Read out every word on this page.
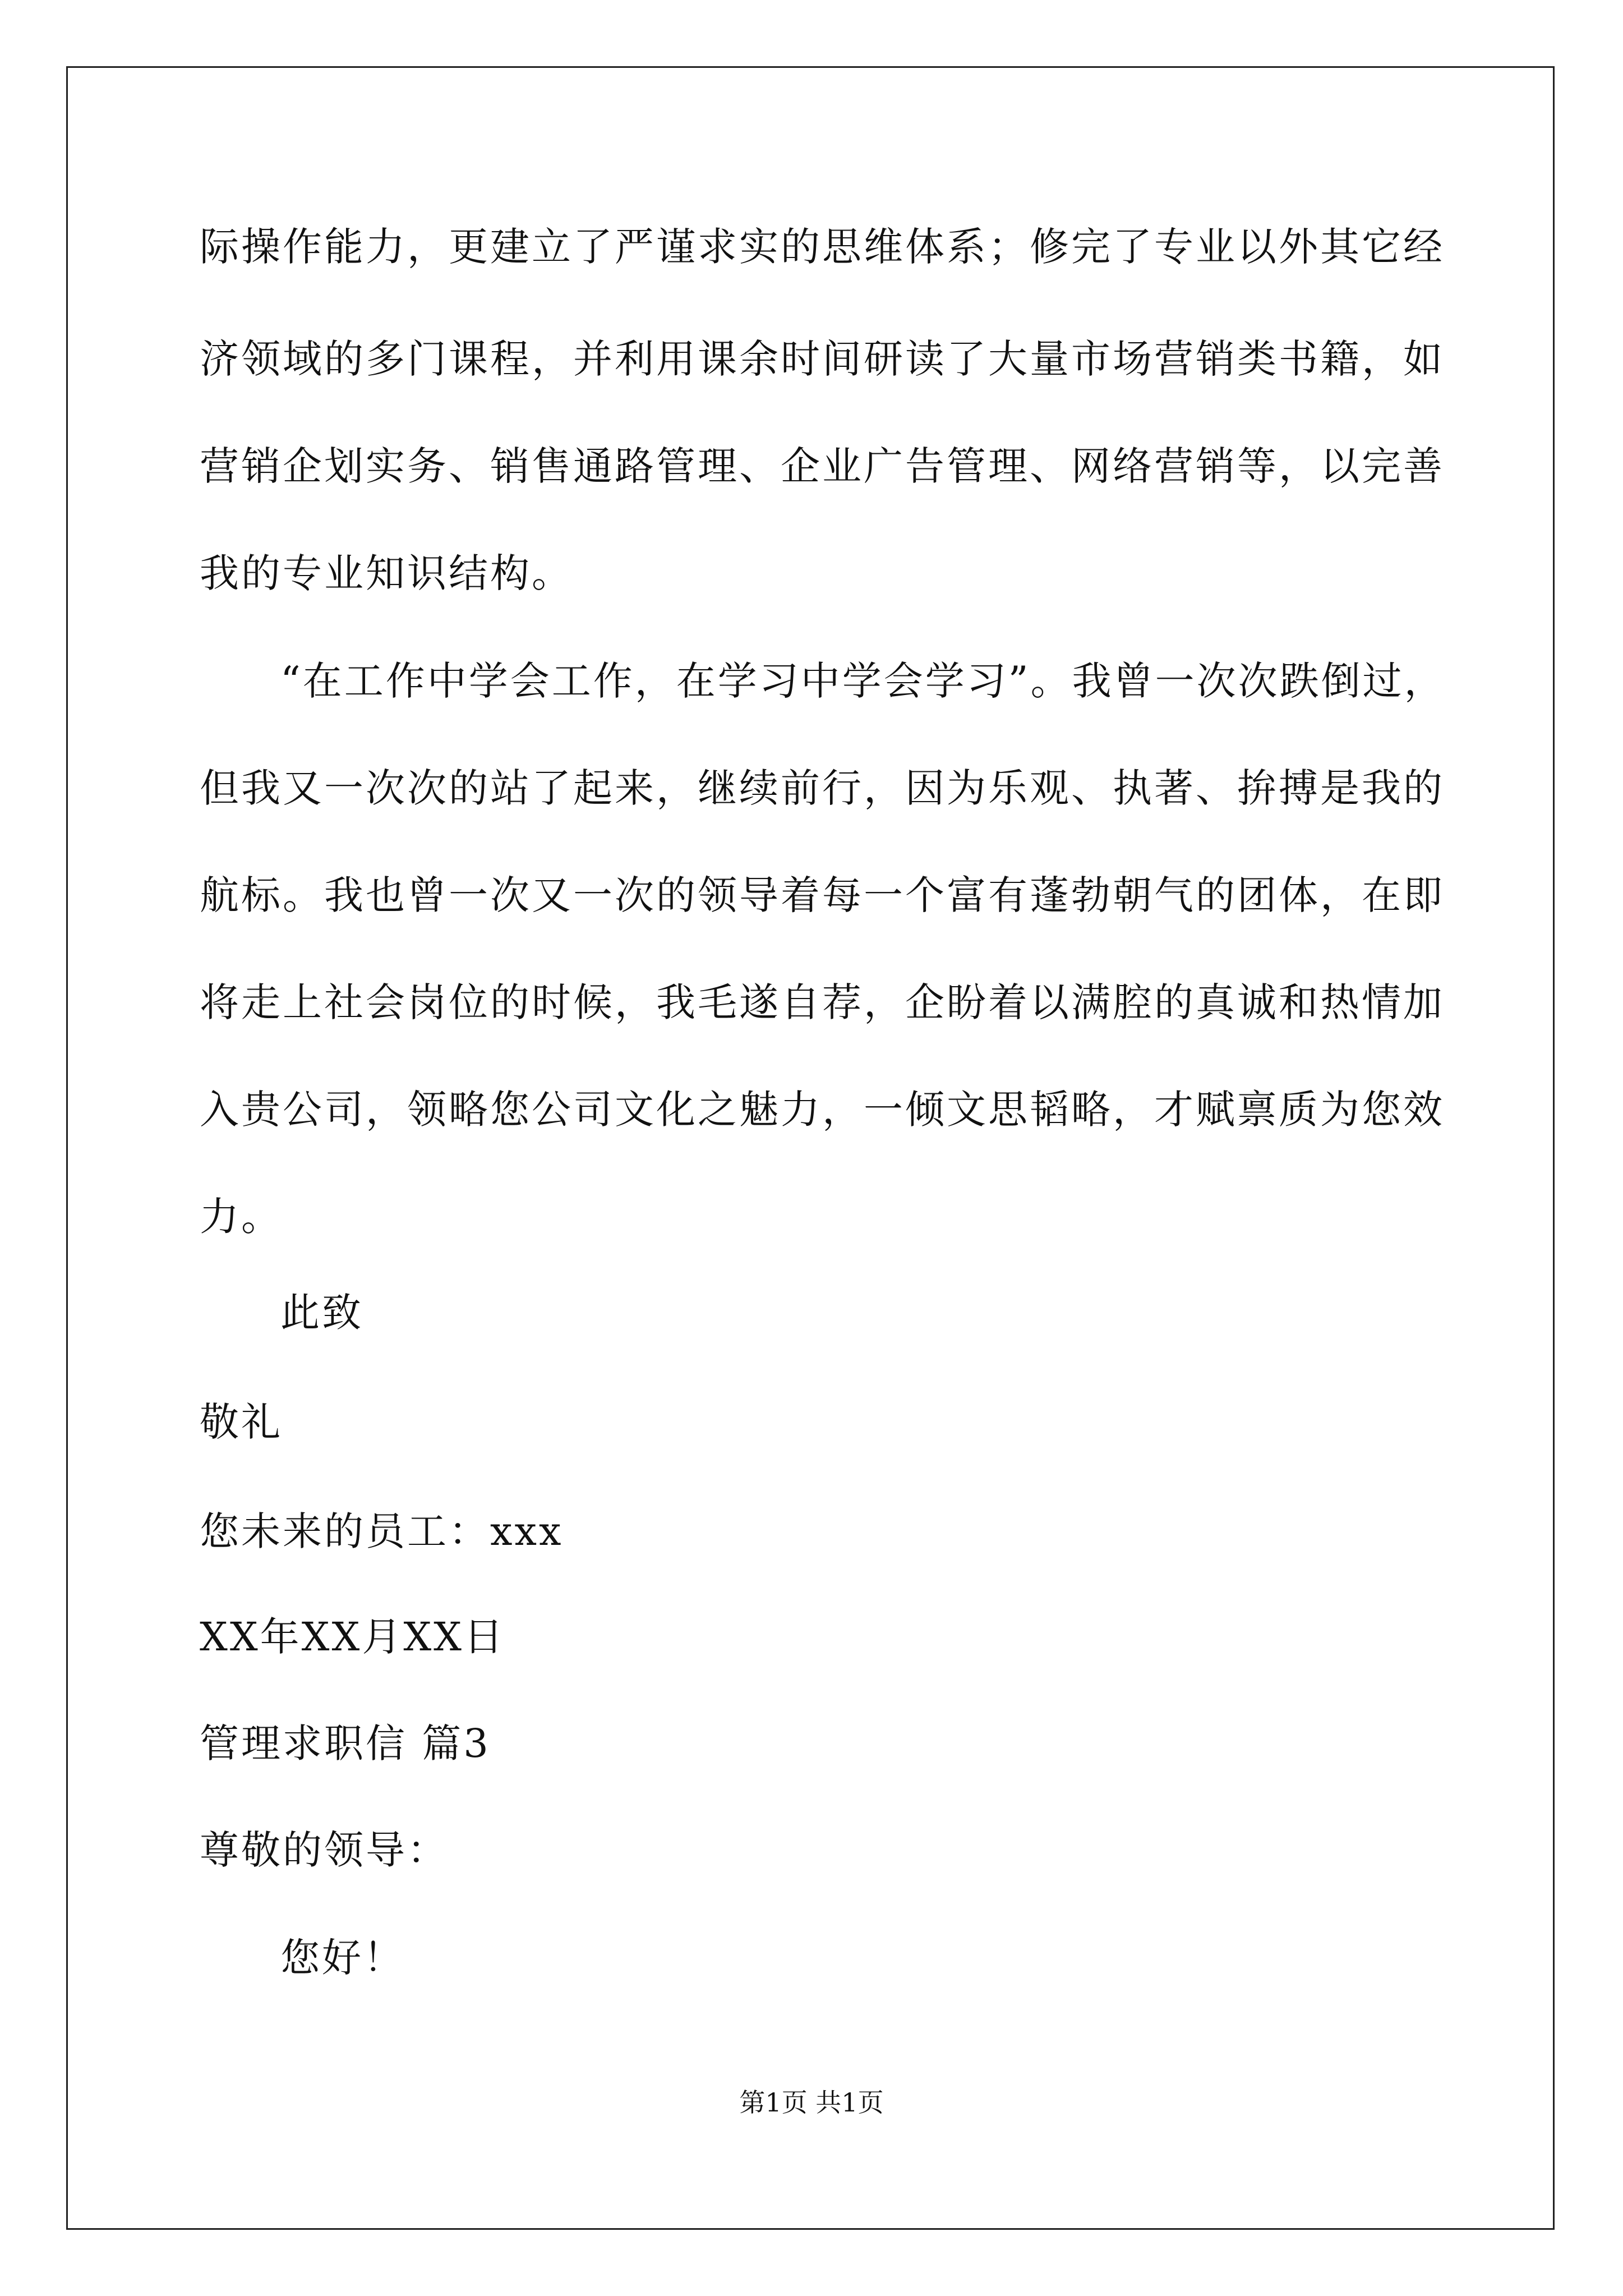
际操作能力，更建立了严谨求实的思维体系；修完了专业以外其它经
济领域的多门课程，并利用课余时间研读了大量市场营销类书籍，如
营销企划实务、销售通路管理、企业广告管理、网络营销等，以完善
我的专业知识结构。
“在工作中学会工作，在学习中学会学习”。我曾一次次跌倒过，
但我又一次次的站了起来，继续前行，因为乐观、执著、拚搏是我的
航标。我也曾一次又一次的领导着每一个富有蓬勃朝气的团体，在即
将走上社会岗位的时候，我毛遂自荐，企盼着以满腔的真诚和热情加
入贵公司，领略您公司文化之魅力，一倾文思韬略，才赋禀质为您效
力。
此致
敬礼
您未来的员工：xxx
XX年XX月XX日
管理求职信 篇3
尊敬的领导：
您好！
第1页 共1页
